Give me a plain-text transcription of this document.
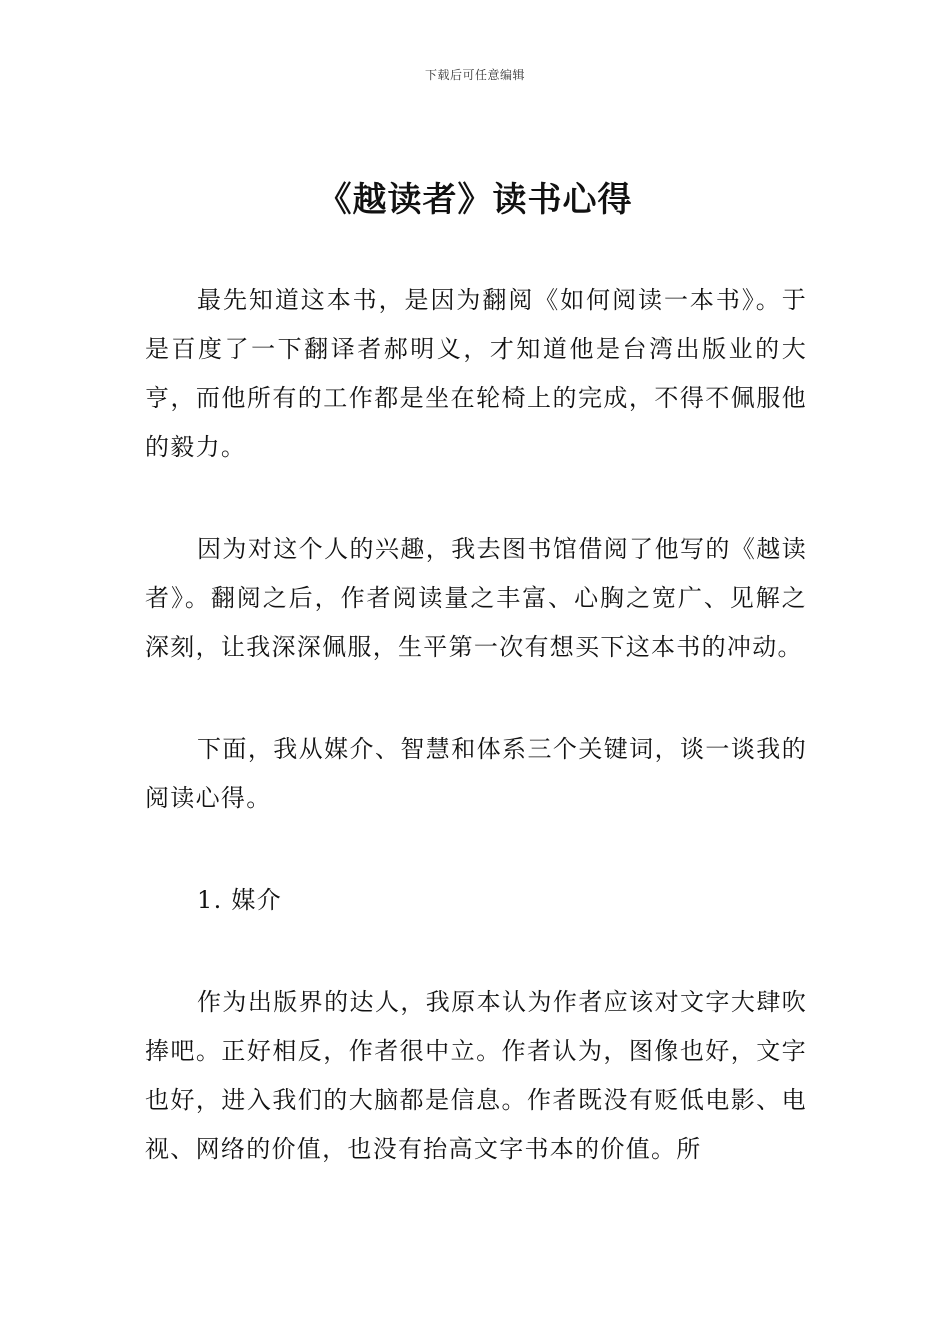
下载后可任意编辑
《越读者》读书心得

最先知道这本书，是因为翻阅《如何阅读一本书》。于是百度了一下翻译者郝明义，才知道他是台湾出版业的大亨，而他所有的工作都是坐在轮椅上的完成，不得不佩服他的毅力。

因为对这个人的兴趣，我去图书馆借阅了他写的《越读者》。翻阅之后，作者阅读量之丰富、心胸之宽广、见解之深刻，让我深深佩服，生平第一次有想买下这本书的冲动。

下面，我从媒介、智慧和体系三个关键词，谈一谈我的阅读心得。

1. 媒介

作为出版界的达人，我原本认为作者应该对文字大肆吹捧吧。正好相反，作者很中立。作者认为，图像也好，文字也好，进入我们的大脑都是信息。作者既没有贬低电影、电视、网络的价值，也没有抬高文字书本的价值。所
